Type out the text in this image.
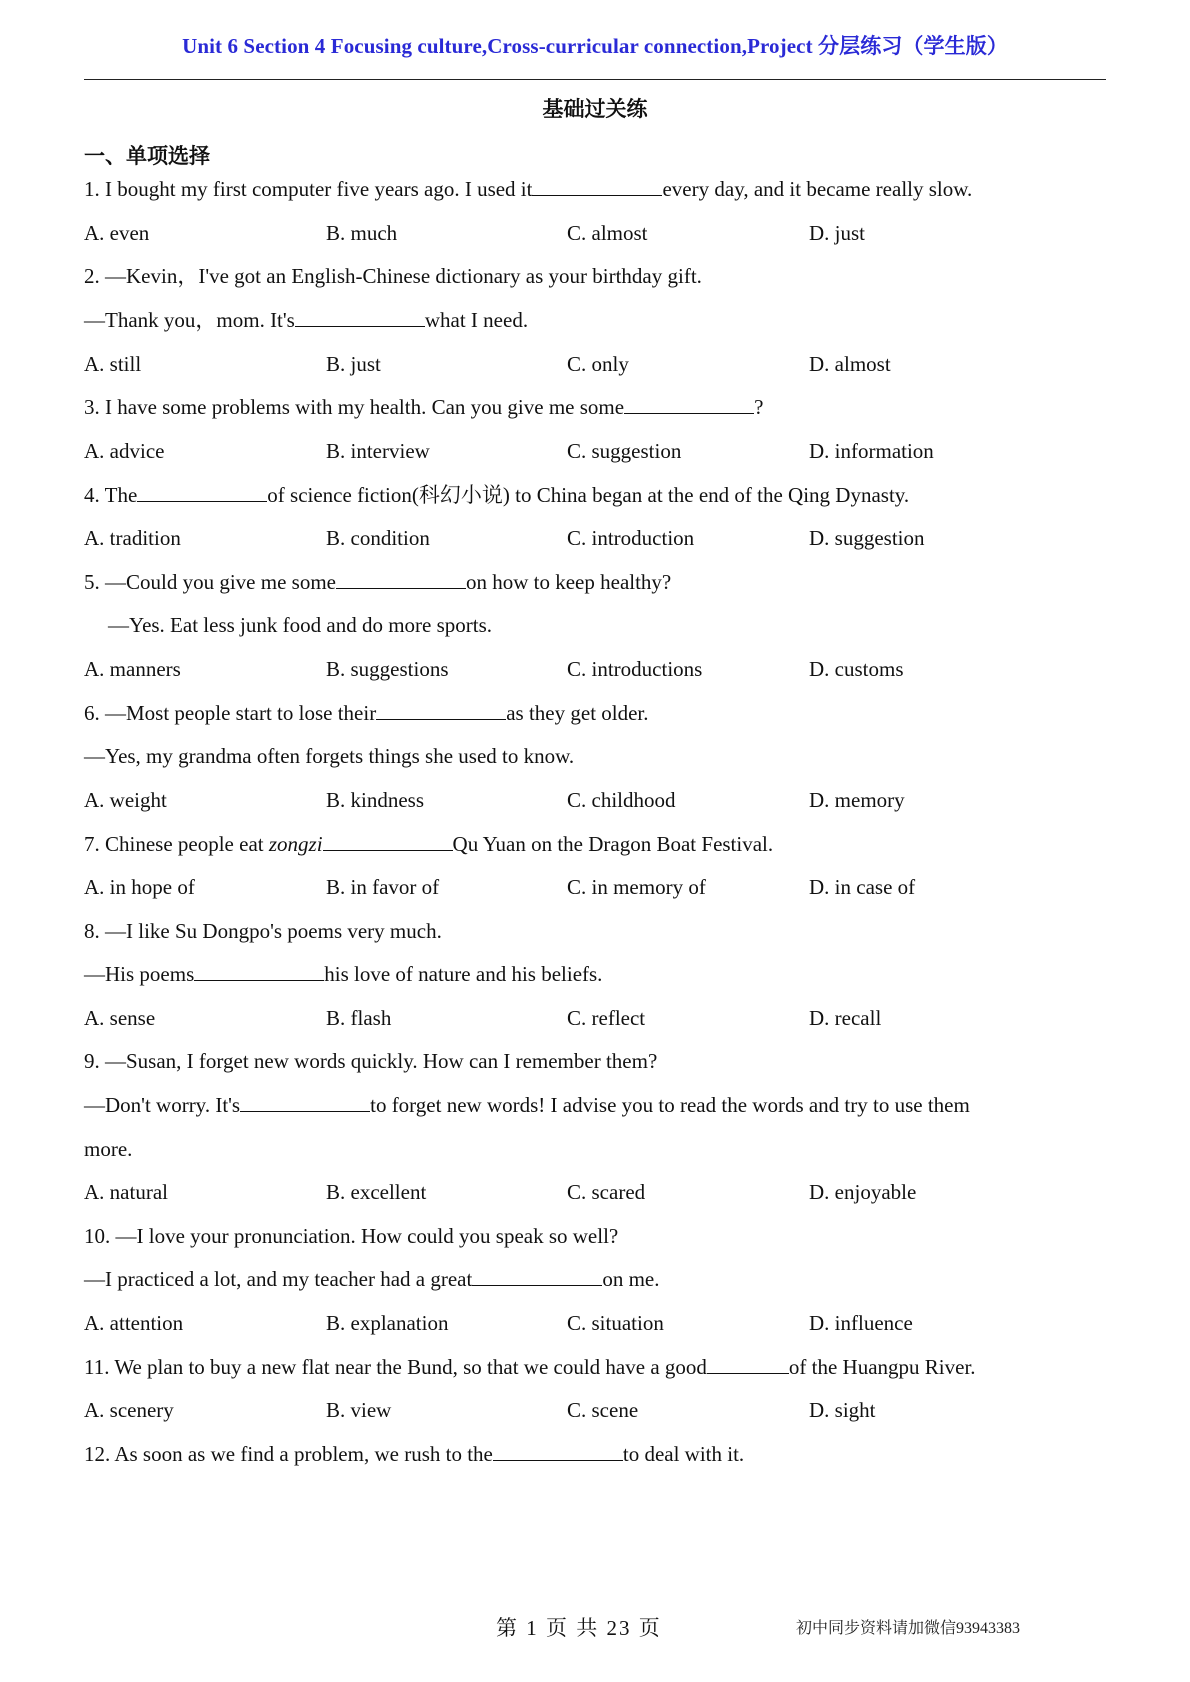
Unit 6 Section 4 Focusing culture,Cross-curricular connection,Project 分层练习（学生版）
基础过关练
一、单项选择
1. I bought my first computer five years ago. I used it	every day, and it became really slow.
A. even	B. much	C. almost	D. just
2. —Kevin，I've got an English-Chinese dictionary as your birthday gift.
—Thank you，mom. It's	what I need.
A. still	B. just	C. only	D. almost
3. I have some problems with my health. Can you give me some	?
A. advice	B. interview	C. suggestion	D. information
4. The	of science fiction(科幻小说) to China began at the end of the Qing Dynasty.
A. tradition	B. condition	C. introduction	D. suggestion
5. —Could you give me some	on how to keep healthy?
—Yes. Eat less junk food and do more sports.
A. manners	B. suggestions	C. introductions	D. customs
6. —Most people start to lose their	as they get older.
—Yes, my grandma often forgets things she used to know.
A. weight	B. kindness	C. childhood	D. memory
7. Chinese people eat zongzi	Qu Yuan on the Dragon Boat Festival.
A. in hope of	B. in favor of	C. in memory of	D. in case of
8. —I like Su Dongpo's poems very much.
—His poems	his love of nature and his beliefs.
A. sense	B. flash	C. reflect	D. recall
9. —Susan, I forget new words quickly. How can I remember them?
—Don't worry. It's	to forget new words! I advise you to read the words and try to use them
more.
A. natural	B. excellent	C. scared	D. enjoyable
10. —I love your pronunciation. How could you speak so well?
—I practiced a lot, and my teacher had a great	on me.
A. attention	B. explanation	C. situation	D. influence
11. We plan to buy a new flat near the Bund, so that we could have a good	of the Huangpu River.
A. scenery	B. view	C. scene	D. sight
12. As soon as we find a problem, we rush to the	to deal with it.
第 1 页 共 23 页	初中同步资料请加微信93943383
